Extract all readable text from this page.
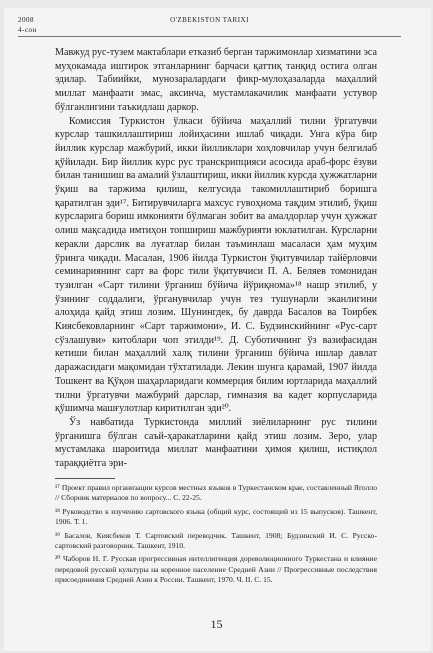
2008
4-сон
O'ZBEKISTON TARIXI

Мавжуд рус-тузем мактаблари етказиб берган таржимонлар хизматини эса муҳокамада иштирок этганларнинг барчаси қаттиқ танқид остига олган эдилар. Табиийки, мунозаралардаги фикр-мулоҳазаларда маҳаллий миллат манфаати эмас, аксинча, мустамлакачилик манфаати устувор бўлганлигини таъкидлаш даркор.

Комиссия Туркистон ўлкаси бўйича маҳаллий тилни ўргатувчи курслар ташкиллаштириш лойиҳасини ишлаб чиқади. Унга кўра бир йиллик курслар мажбурий, икки йилликлари хоҳловчилар учун белгилаб қўйилади. Бир йиллик курс рус транскрипцияси асосида араб-форс ёзуви билан танишиш ва амалий ўзлаштириш, икки йиллик курсда ҳужжатларни ўқиш ва таржима қилиш, келгусида такомиллаштириб боришга қаратилган эди¹⁷. Битирувчиларга махсус гувоҳнома тақдим этилиб, ўқиш курсларига бориш имконияти бўлмаган зобит ва амалдорлар учун ҳужжат олиш мақсадида имтиҳон топшириш мажбурияти юклатилган. Курсларни керакли дарслик ва луғатлар билан таъминлаш масаласи ҳам муҳим ўринга чиқади. Масалан, 1906 йилда Туркистон ўқитувчилар тайёрловчи семинариянинг сарт ва форс тили ўқитувчиси П. А. Беляев томонидан тузилган «Сарт тилини ўрганиш бўйича йўриқнома»¹⁸ нашр этилиб, у ўзининг соддалиги, ўрганувчилар учун тез тушунарли эканлигини алоҳида қайд этиш лозим. Шунингдек, бу даврда Басалов ва Тоирбек Киясбековларнинг «Сарт таржимони», И. С. Будзинскийнинг «Рус-сарт сўзлашуви» китоблари чоп этилди¹⁹. Д. Суботичнинг ўз вазифасидан кетиши билан маҳаллий халқ тилини ўрганиш бўйича ишлар давлат даражасидаги мақомидан тўхтатилади. Лекин шунга қарамай, 1907 йилда Тошкент ва Қўқон шаҳарларидаги коммерция билим юртларида маҳаллий тилни ўргатувчи мажбурий дарслар, гимназия ва кадет корпусларида қўшимча машғулотлар киритилган эди²⁰.

Ўз навбатида Туркистонда миллий зиёлиларнинг рус тилини ўрганишга бўлган саъй-ҳаракатларини қайд этиш лозим. Зеро, улар мустамлака шароитида миллат манфаатини ҳимоя қилиш, истиқлол тараққиётга эри-

¹⁷ Проект правил организации курсов местных языков в Туркестанском крае, составленный Яголло // Сборник материалов по вопросу... С. 22-25.

¹⁸ Руководство к изучению сартовского языка (общий курс, состоящий из 15 выпусков). Ташкент, 1906. Т. 1.

¹⁹ Басалов, Киясбеков Т. Сартовский переводчик. Ташкент, 1908; Будзинский И. С. Русско-сартовский разговорник. Ташкент, 1910.

²⁰ Чаборов Н. Г. Русская прогрессивная интеллигенция дореволюционного Туркестана и влияние передовой русской культуры на коренное население Средней Азии // Прогрессивные последствия присоединения Средней Азии к России. Ташкент, 1970. Ч. II. С. 15.

15
